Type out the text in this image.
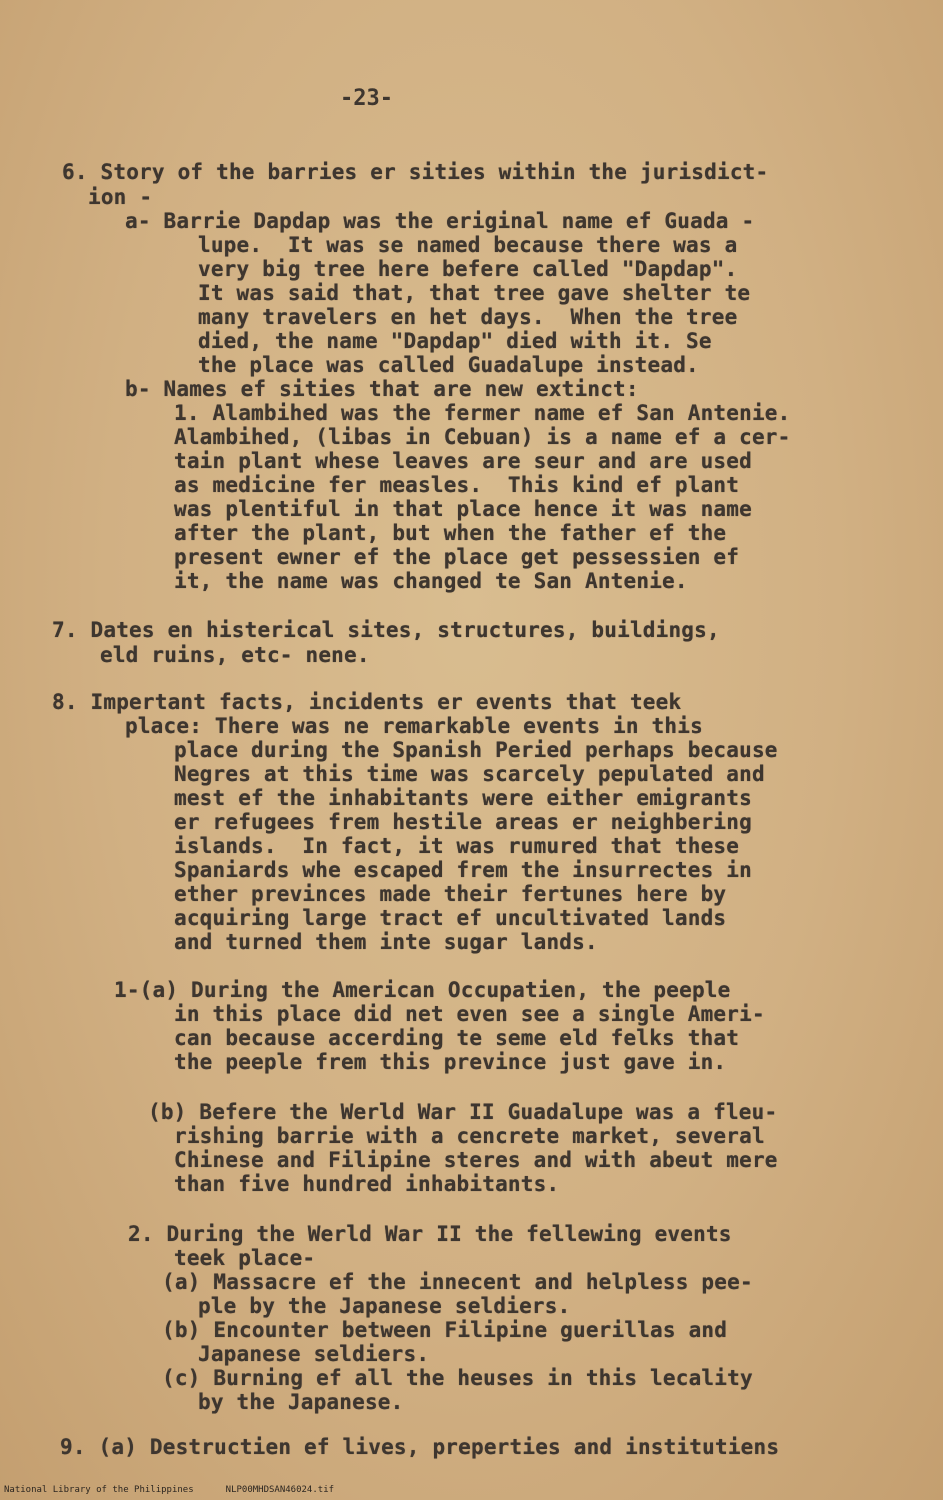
-23-
6. Story of the barries er sities within the jurisdict-
ion -
a- Barrie Dapdap was the eriginal name ef Guada -
lupe.  It was se named because there was a
very big tree here befere called "Dapdap".
It was said that, that tree gave shelter te
many travelers en het days.  When the tree
died, the name "Dapdap" died with it. Se
the place was called Guadalupe instead.
b- Names ef sities that are new extinct:
1. Alambihed was the fermer name ef San Antenie.
Alambihed, (libas in Cebuan) is a name ef a cer-
tain plant whese leaves are seur and are used
as medicine fer measles.  This kind ef plant
was plentiful in that place hence it was name
after the plant, but when the father ef the
present ewner ef the place get pessessien ef
it, the name was changed te San Antenie.
7. Dates en histerical sites, structures, buildings,
eld ruins, etc- nene.
8. Impertant facts, incidents er events that teek
place: There was ne remarkable events in this
place during the Spanish Peried perhaps because
Negres at this time was scarcely pepulated and
mest ef the inhabitants were either emigrants
er refugees frem hestile areas er neighbering
islands.  In fact, it was rumured that these
Spaniards whe escaped frem the insurrectes in
ether previnces made their fertunes here by
acquiring large tract ef uncultivated lands
and turned them inte sugar lands.
1-(a) During the American Occupatien, the peeple
in this place did net even see a single Ameri-
can because accerding te seme eld felks that
the peeple frem this prevince just gave in.
(b) Befere the Werld War II Guadalupe was a fleu-
rishing barrie with a cencrete market, several
Chinese and Filipine steres and with abeut mere
than five hundred inhabitants.
2. During the Werld War II the fellewing events
teek place-
(a) Massacre ef the innecent and helpless pee-
ple by the Japanese seldiers.
(b) Encounter between Filipine guerillas and
Japanese seldiers.
(c) Burning ef all the heuses in this lecality
by the Japanese.
9. (a) Destructien ef lives, preperties and institutiens
National Library of the Philippines	NLP00MHDSAN46024.tif
